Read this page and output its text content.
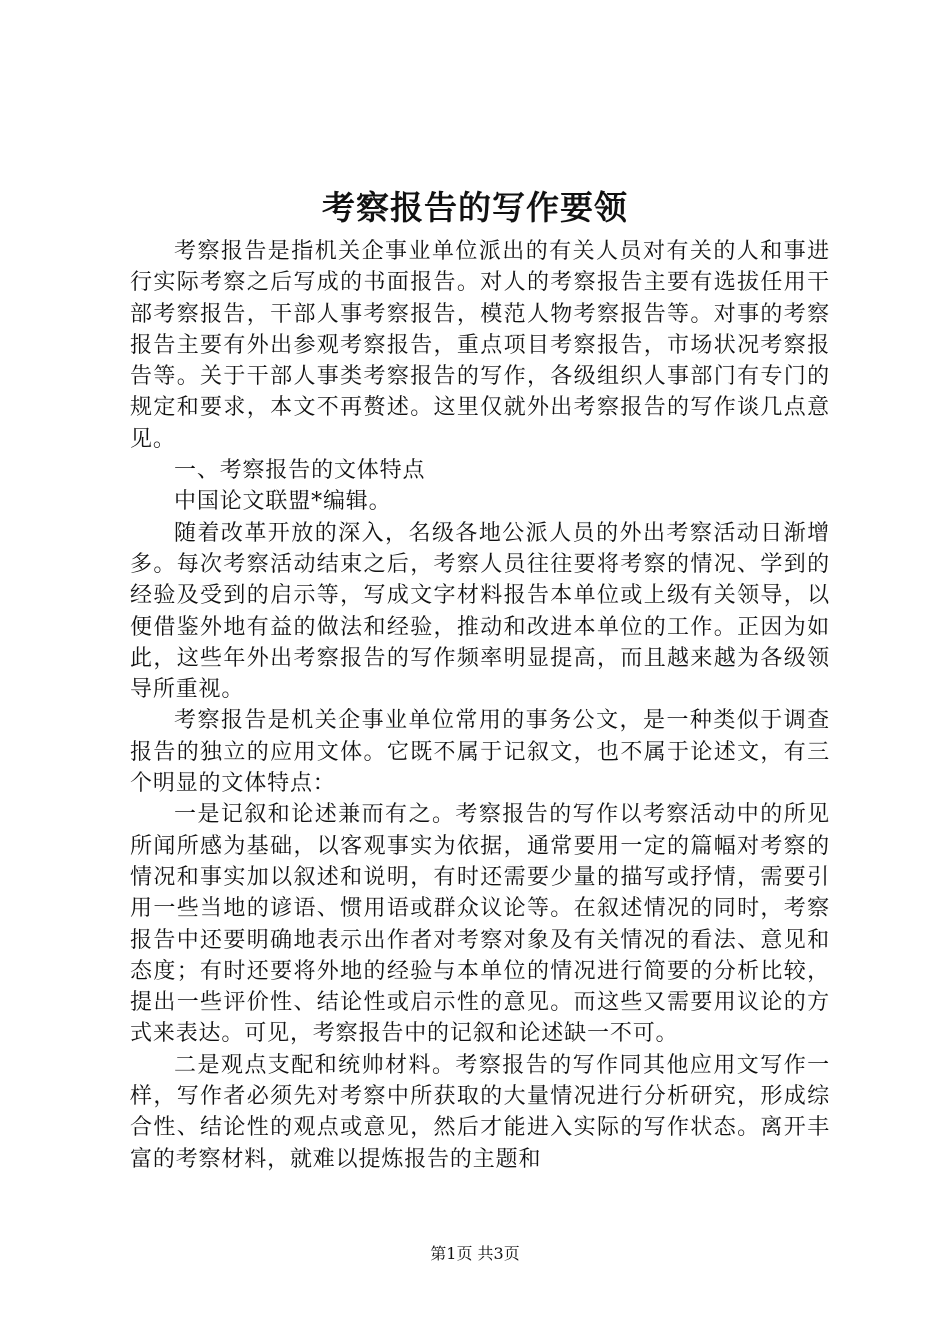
考察报告的写作要领

考察报告是指机关企事业单位派出的有关人员对有关的人和事进行实际考察之后写成的书面报告。对人的考察报告主要有选拔任用干部考察报告，干部人事考察报告，模范人物考察报告等。对事的考察报告主要有外出参观考察报告，重点项目考察报告，市场状况考察报告等。关于干部人事类考察报告的写作，各级组织人事部门有专门的规定和要求，本文不再赘述。这里仅就外出考察报告的写作谈几点意见。

一、考察报告的文体特点

中国论文联盟*编辑。

随着改革开放的深入，名级各地公派人员的外出考察活动日渐增多。每次考察活动结束之后，考察人员往往要将考察的情况、学到的经验及受到的启示等，写成文字材料报告本单位或上级有关领导，以便借鉴外地有益的做法和经验，推动和改进本单位的工作。正因为如此，这些年外出考察报告的写作频率明显提高，而且越来越为各级领导所重视。

考察报告是机关企事业单位常用的事务公文，是一种类似于调查报告的独立的应用文体。它既不属于记叙文，也不属于论述文，有三个明显的文体特点：

一是记叙和论述兼而有之。考察报告的写作以考察活动中的所见所闻所感为基础，以客观事实为依据，通常要用一定的篇幅对考察的情况和事实加以叙述和说明，有时还需要少量的描写或抒情，需要引用一些当地的谚语、惯用语或群众议论等。在叙述情况的同时，考察报告中还要明确地表示出作者对考察对象及有关情况的看法、意见和态度；有时还要将外地的经验与本单位的情况进行简要的分析比较，提出一些评价性、结论性或启示性的意见。而这些又需要用议论的方式来表达。可见，考察报告中的记叙和论述缺一不可。

二是观点支配和统帅材料。考察报告的写作同其他应用文写作一样，写作者必须先对考察中所获取的大量情况进行分析研究，形成综合性、结论性的观点或意见，然后才能进入实际的写作状态。离开丰富的考察材料，就难以提炼报告的主题和

第1页 共3页
